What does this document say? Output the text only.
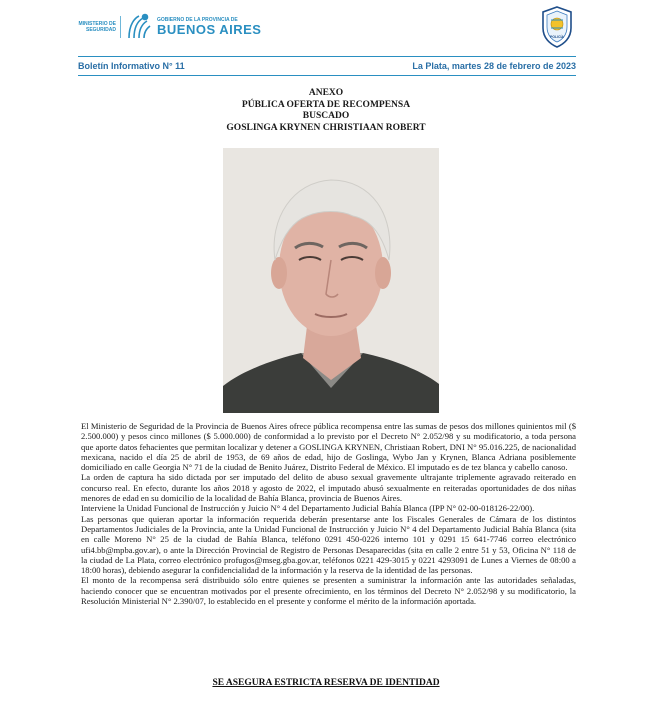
MINISTERIO DE SEGURIDAD
GOBIERNO DE LA PROVINCIA DE
BUENOS AIRES	POLICÍA
Boletín Informativo N° 11	La Plata, martes 28 de febrero de 2023
ANEXO
PÚBLICA OFERTA DE RECOMPENSA
BUSCADO
GOSLINGA KRYNEN CHRISTIAAN ROBERT

El Ministerio de Seguridad de la Provincia de Buenos Aires ofrece pública recompensa entre las sumas de pesos dos millones quinientos mil ($ 2.500.000) y pesos cinco millones ($ 5.000.000) de conformidad a lo previsto por el Decreto N° 2.052/98 y su modificatorio, a toda persona que aporte datos fehacientes que permitan localizar y detener a GOSLINGA KRYNEN, Christiaan Robert, DNI N° 95.016.225, de nacionalidad mexicana, nacido el día 25 de abril de 1953, de 69 años de edad, hijo de Goslinga, Wybo Jan y Krynen, Blanca Adriana posiblemente domiciliado en calle Georgia N° 71 de la ciudad de Benito Juárez, Distrito Federal de México. El imputado es de tez blanca y cabello canoso.

La orden de captura ha sido dictada por ser imputado del delito de abuso sexual gravemente ultrajante triplemente agravado reiterado en concurso real. En efecto, durante los años 2018 y agosto de 2022, el imputado abusó sexualmente en reiteradas oportunidades de dos niñas menores de edad en su domicilio de la localidad de Bahía Blanca, provincia de Buenos Aires.

Interviene la Unidad Funcional de Instrucción y Juicio N° 4 del Departamento Judicial Bahía Blanca (IPP N° 02-00-018126-22/00).

Las personas que quieran aportar la información requerida deberán presentarse ante los Fiscales Generales de Cámara de los distintos Departamentos Judiciales de la Provincia, ante la Unidad Funcional de Instrucción y Juicio N° 4 del Departamento Judicial Bahía Blanca (sita en calle Moreno N° 25 de la ciudad de Bahía Blanca, teléfono 0291 450-0226 interno 101 y 0291 15 641-7746 correo electrónico ufi4.bb@mpba.gov.ar), o ante la Dirección Provincial de Registro de Personas Desaparecidas (sita en calle 2 entre 51 y 53, Oficina N° 118 de la ciudad de La Plata, correo electrónico profugos@mseg.gba.gov.ar, teléfonos 0221 429-3015 y 0221 4293091 de Lunes a Viernes de 08:00 a 18:00 horas), debiendo asegurar la confidencialidad de la información y la reserva de la identidad de las personas.

El monto de la recompensa será distribuido sólo entre quienes se presenten a suministrar la información ante las autoridades señaladas, haciendo conocer que se encuentran motivados por el presente ofrecimiento, en los términos del Decreto N° 2.052/98 y su modificatorio, la Resolución Ministerial N° 2.390/07, lo establecido en el presente y conforme el mérito de la información aportada.

SE ASEGURA ESTRICTA RESERVA DE IDENTIDAD
